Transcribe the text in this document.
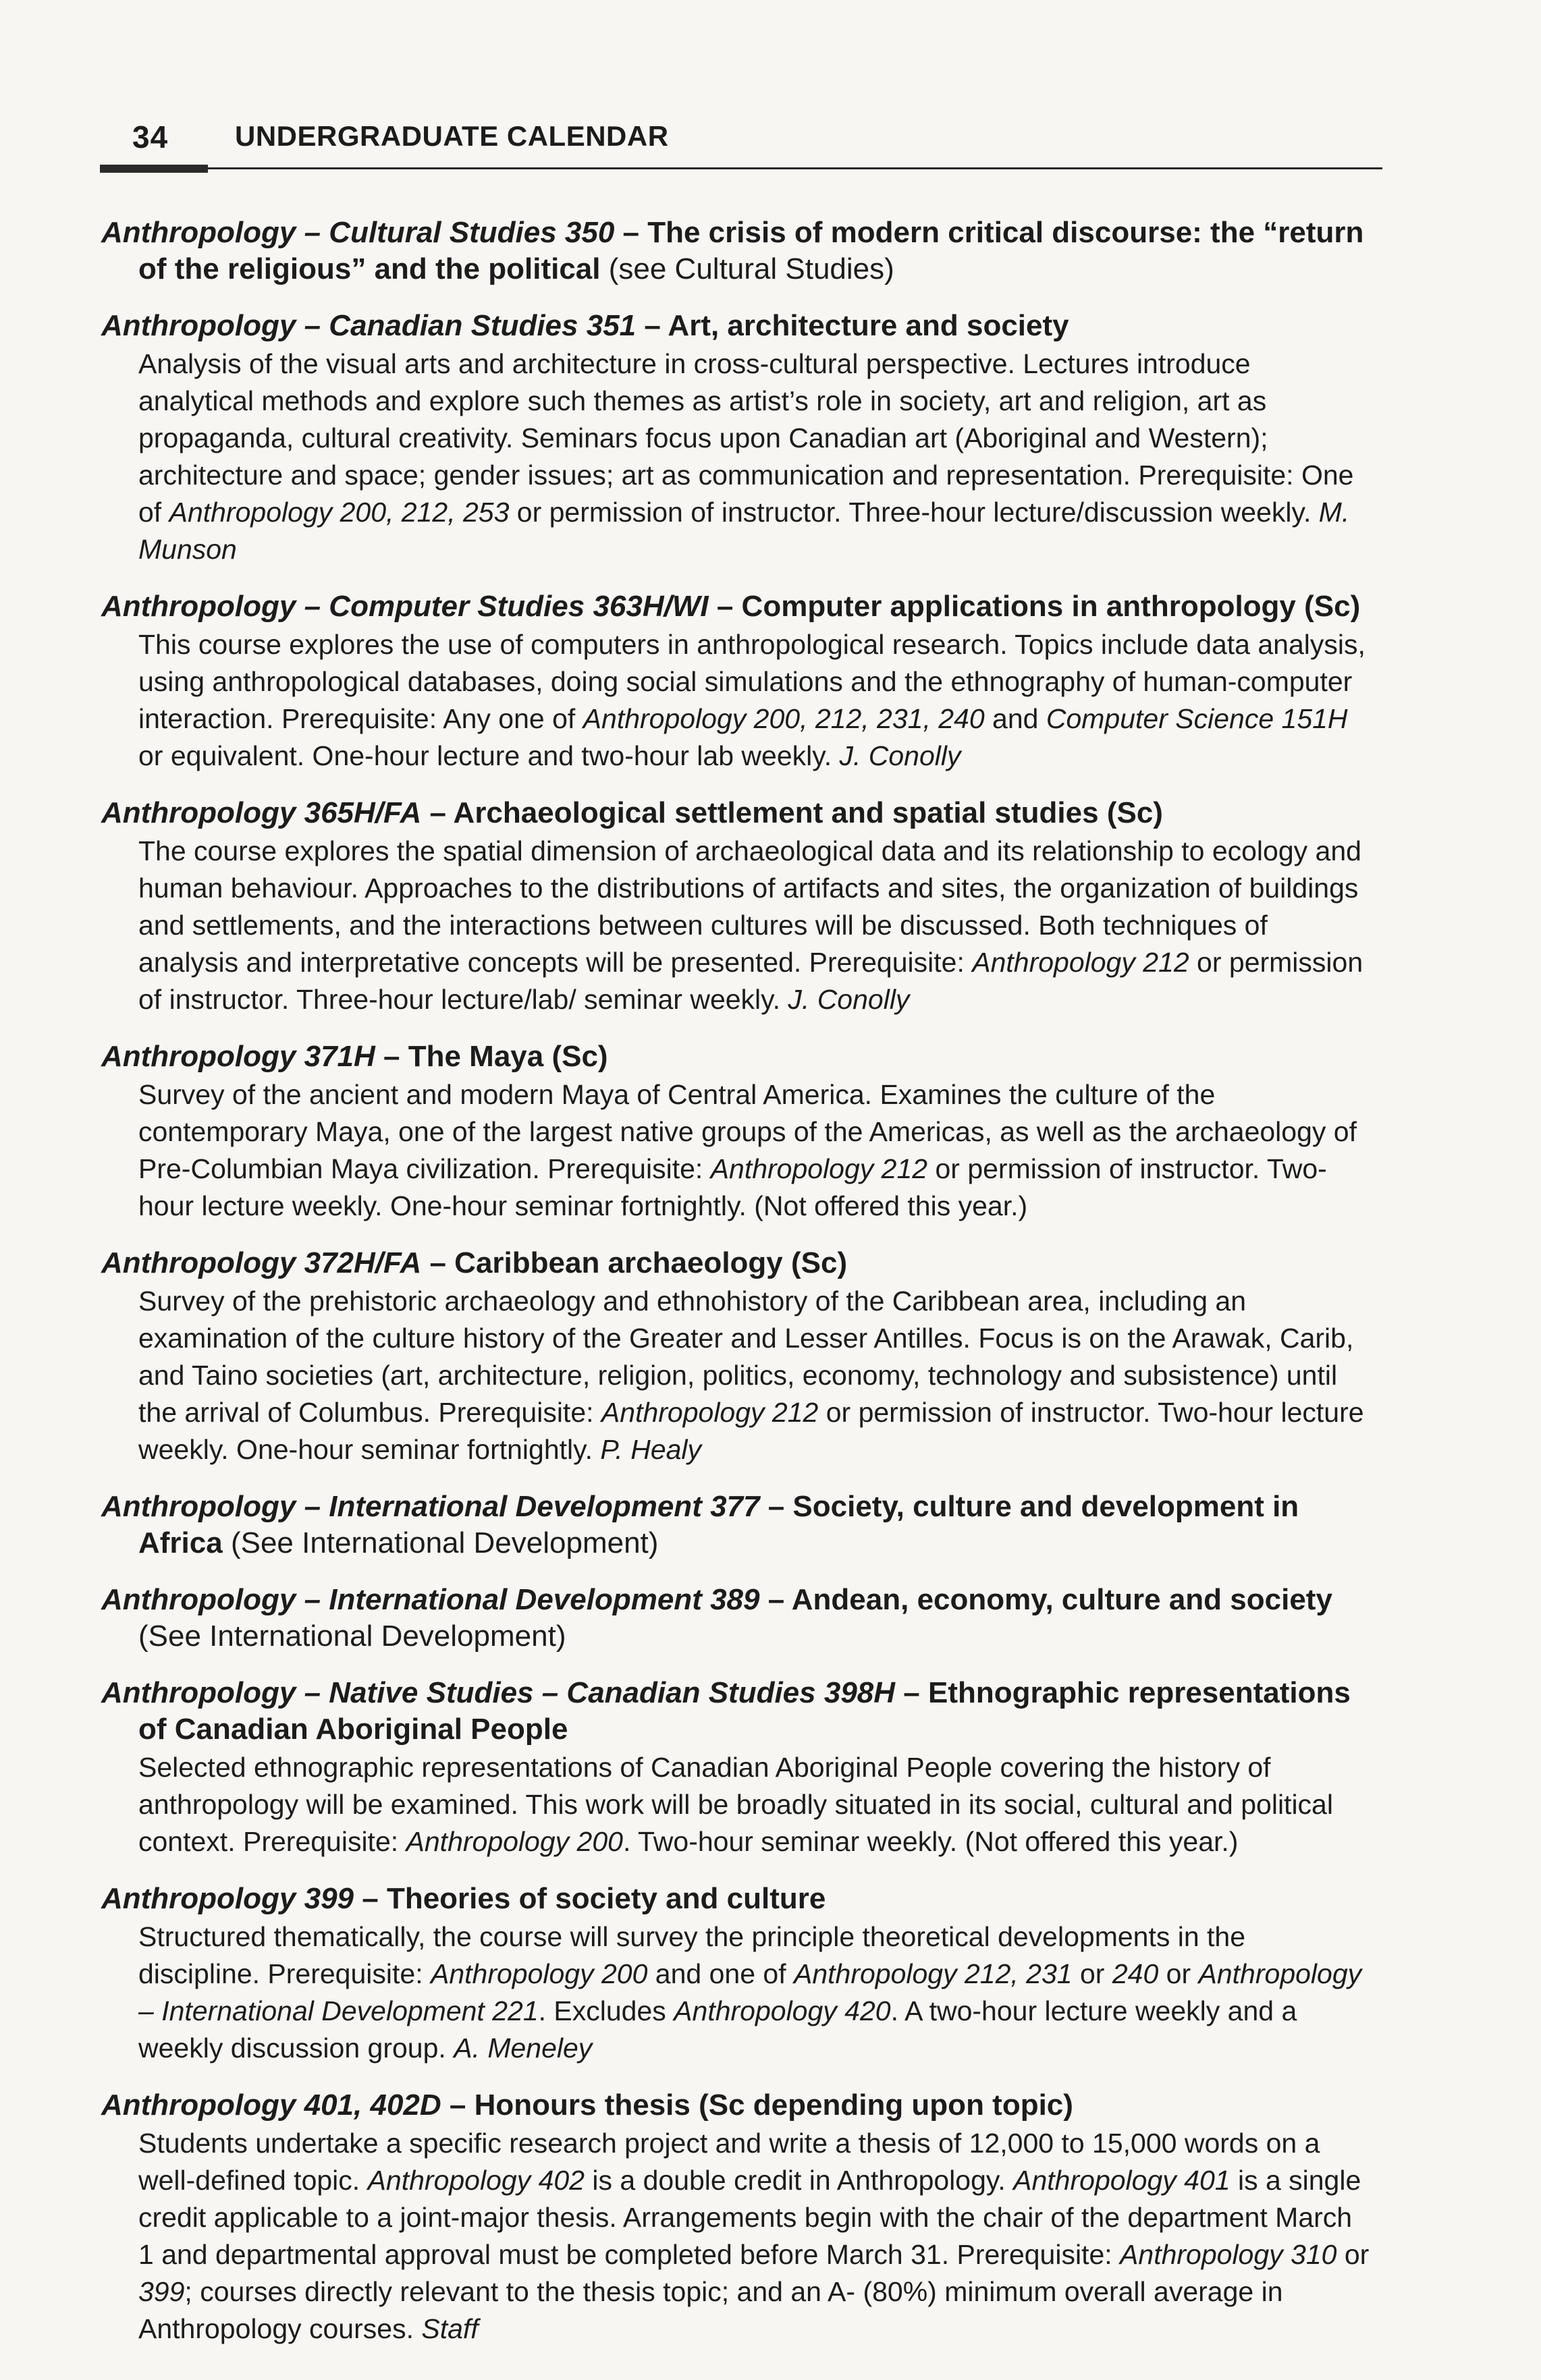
34 UNDERGRADUATE CALENDAR
Anthropology – Cultural Studies 350 – The crisis of modern critical discourse: the “return of the religious” and the political (see Cultural Studies)
Anthropology – Canadian Studies 351 – Art, architecture and society
Analysis of the visual arts and architecture in cross-cultural perspective. Lectures introduce analytical methods and explore such themes as artist’s role in society, art and religion, art as propaganda, cultural creativity. Seminars focus upon Canadian art (Aboriginal and Western); architecture and space; gender issues; art as communication and representation. Prerequisite: One of Anthropology 200, 212, 253 or permission of instructor. Three-hour lecture/discussion weekly. M. Munson
Anthropology – Computer Studies 363H/WI – Computer applications in anthropology (Sc)
This course explores the use of computers in anthropological research. Topics include data analysis, using anthropological databases, doing social simulations and the ethnography of human-computer interaction. Prerequisite: Any one of Anthropology 200, 212, 231, 240 and Computer Science 151H or equivalent. One-hour lecture and two-hour lab weekly. J. Conolly
Anthropology 365H/FA – Archaeological settlement and spatial studies (Sc)
The course explores the spatial dimension of archaeological data and its relationship to ecology and human behaviour. Approaches to the distributions of artifacts and sites, the organization of buildings and settlements, and the interactions between cultures will be discussed. Both techniques of analysis and interpretative concepts will be presented. Prerequisite: Anthropology 212 or permission of instructor. Three-hour lecture/lab/ seminar weekly. J. Conolly
Anthropology 371H – The Maya (Sc)
Survey of the ancient and modern Maya of Central America. Examines the culture of the contemporary Maya, one of the largest native groups of the Americas, as well as the archaeology of Pre-Columbian Maya civilization. Prerequisite: Anthropology 212 or permission of instructor. Two-hour lecture weekly. One-hour seminar fortnightly. (Not offered this year.)
Anthropology 372H/FA – Caribbean archaeology (Sc)
Survey of the prehistoric archaeology and ethnohistory of the Caribbean area, including an examination of the culture history of the Greater and Lesser Antilles. Focus is on the Arawak, Carib, and Taino societies (art, architecture, religion, politics, economy, technology and subsistence) until the arrival of Columbus. Prerequisite: Anthropology 212 or permission of instructor. Two-hour lecture weekly. One-hour seminar fortnightly. P. Healy
Anthropology – International Development 377 – Society, culture and development in Africa (See International Development)
Anthropology – International Development 389 – Andean, economy, culture and society (See International Development)
Anthropology – Native Studies – Canadian Studies 398H – Ethnographic representations of Canadian Aboriginal People
Selected ethnographic representations of Canadian Aboriginal People covering the history of anthropology will be examined. This work will be broadly situated in its social, cultural and political context. Prerequisite: Anthropology 200. Two-hour seminar weekly. (Not offered this year.)
Anthropology 399 – Theories of society and culture
Structured thematically, the course will survey the principle theoretical developments in the discipline. Prerequisite: Anthropology 200 and one of Anthropology 212, 231 or 240 or Anthropology – International Development 221. Excludes Anthropology 420. A two-hour lecture weekly and a weekly discussion group. A. Meneley
Anthropology 401, 402D – Honours thesis (Sc depending upon topic)
Students undertake a specific research project and write a thesis of 12,000 to 15,000 words on a well-defined topic. Anthropology 402 is a double credit in Anthropology. Anthropology 401 is a single credit applicable to a joint-major thesis. Arrangements begin with the chair of the department March 1 and departmental approval must be completed before March 31. Prerequisite: Anthropology 310 or 399; courses directly relevant to the thesis topic; and an A- (80%) minimum overall average in Anthropology courses. Staff
